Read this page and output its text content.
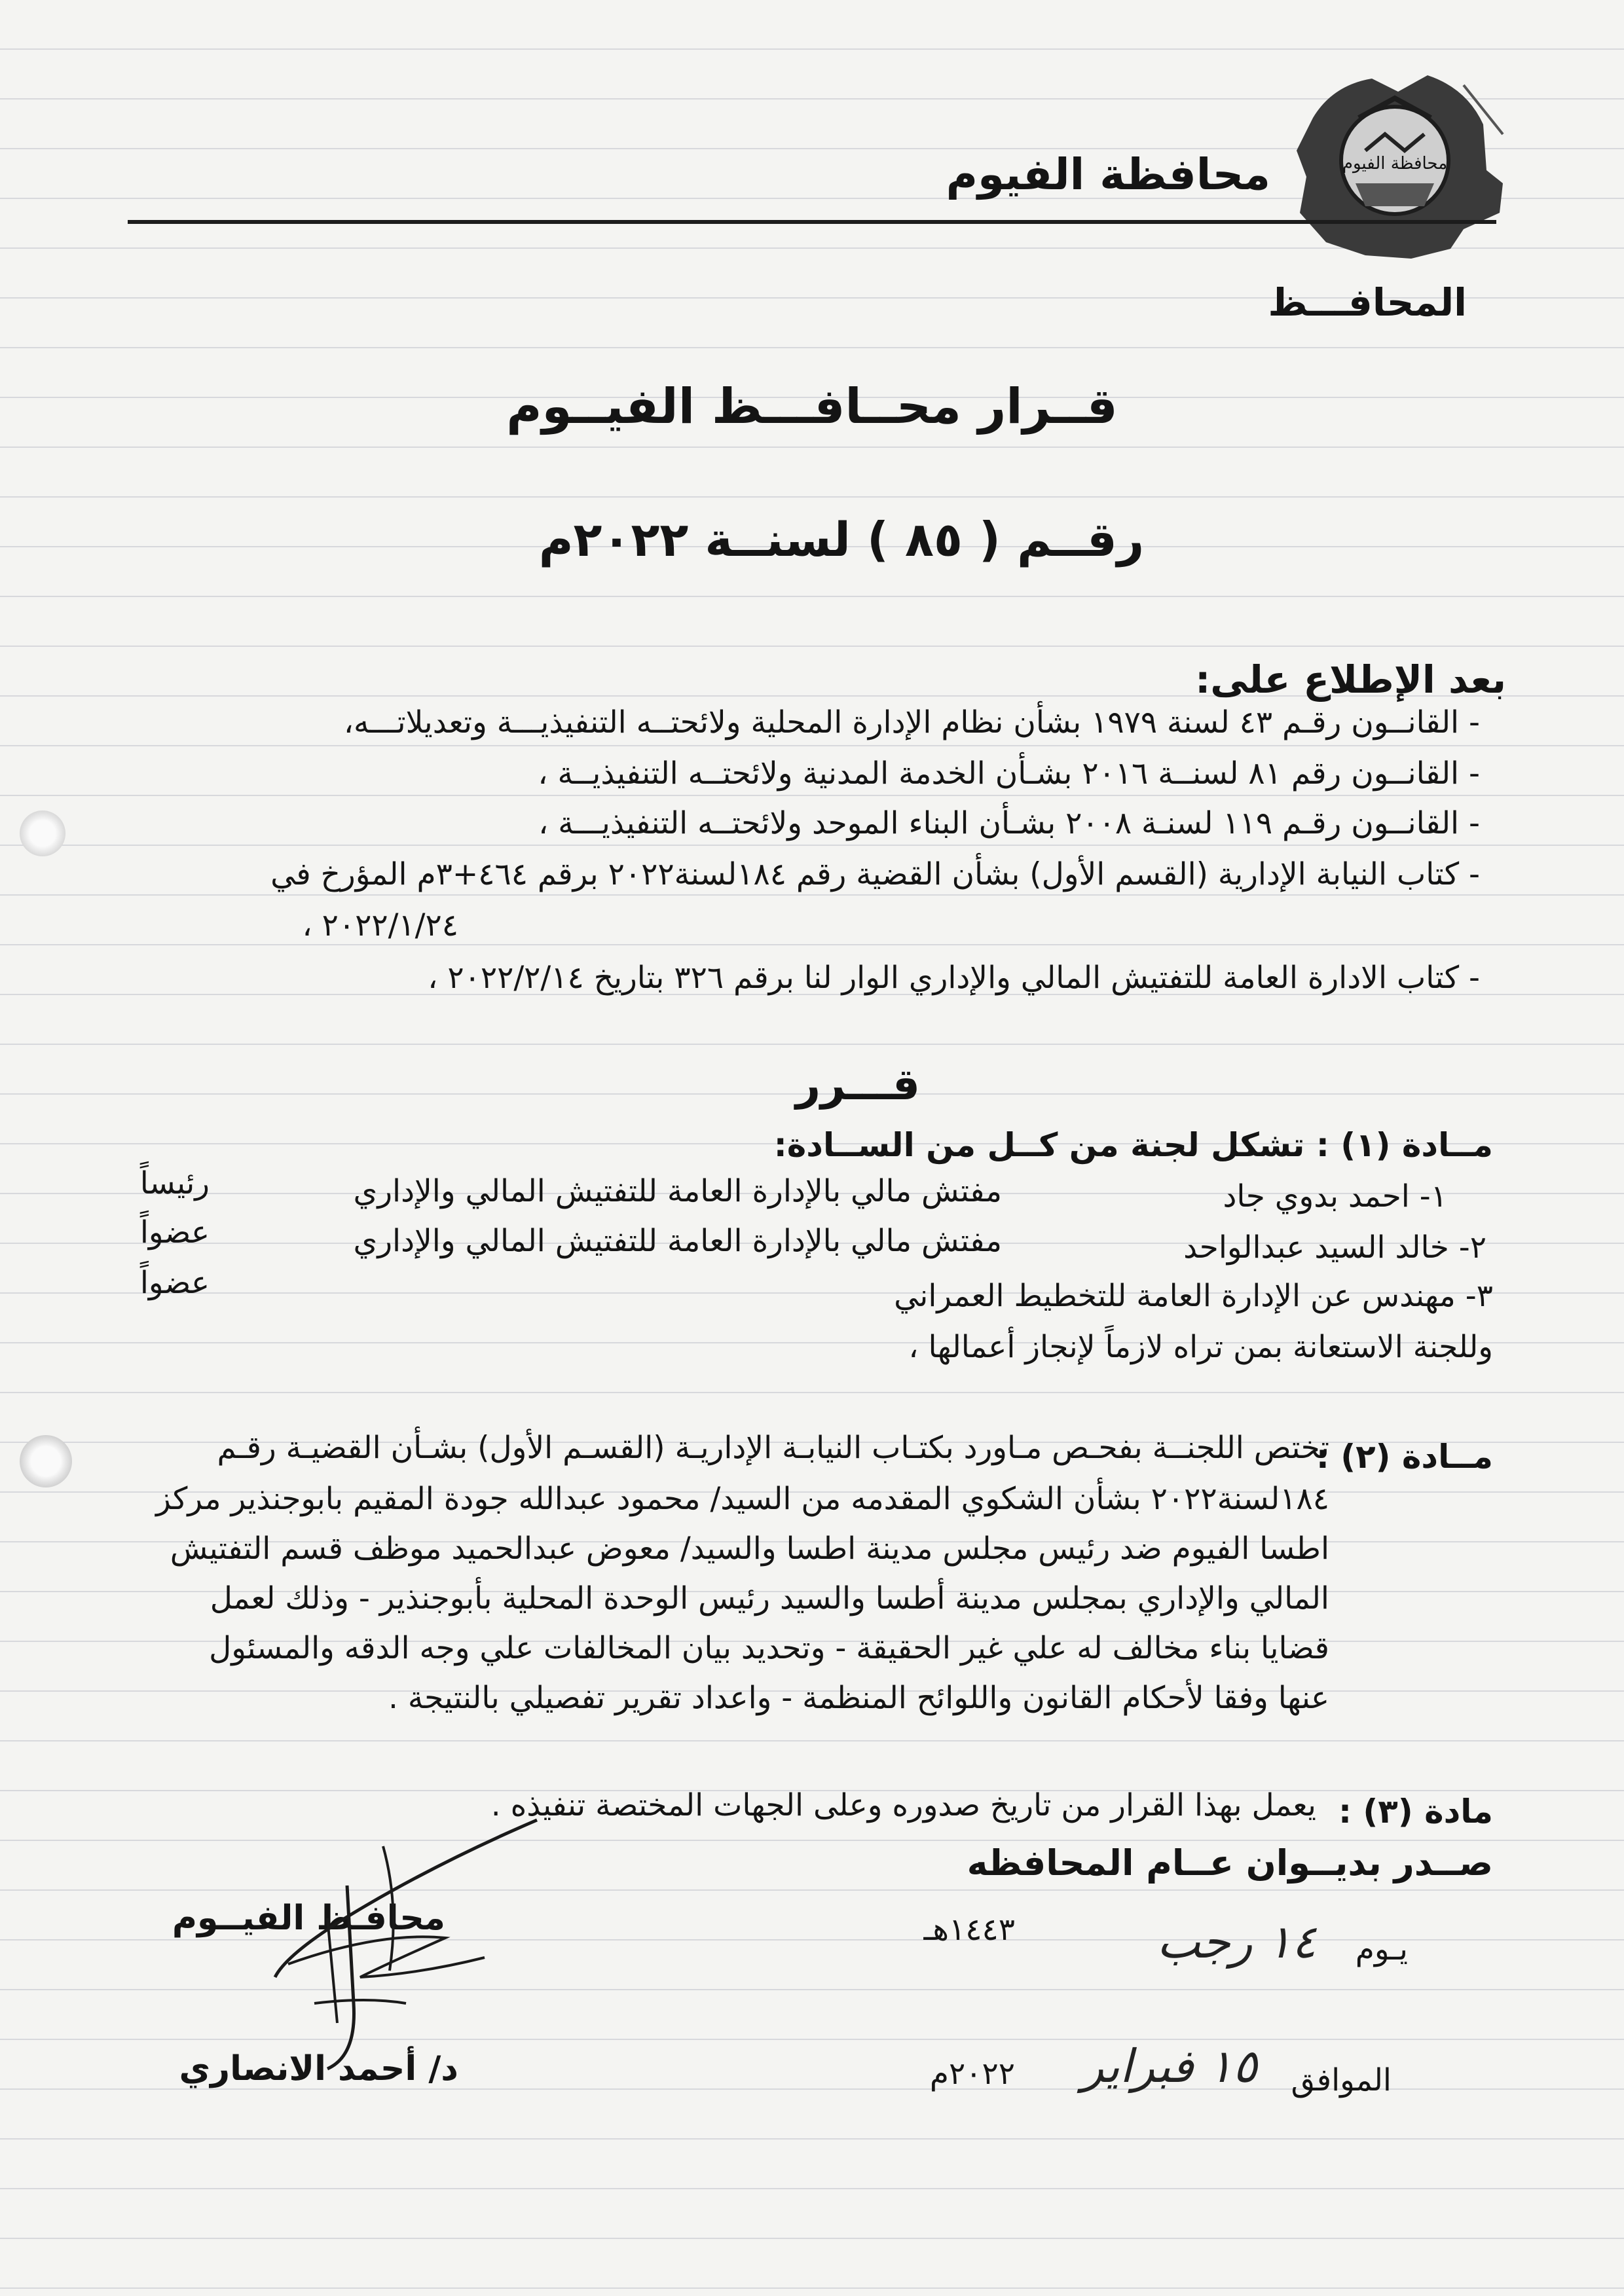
محافظة الفيوم
محافظة الفيوم
المحافـــظ
قــرار محــافـــظ الفيــوم
رقــم ( ٨٥ ) لسنــة ٢٠٢٢م
بعد الإطلاع على:
- القانــون رقـم ٤٣ لسنة ١٩٧٩ بشأن نظام الإدارة المحلية ولائحتــه التنفيذيـــة وتعديلاتـــه،
- القانــون رقم ٨١ لسنــة ٢٠١٦ بشـأن الخدمة المدنية ولائحتــه التنفيذيــة ،
- القانــون رقـم ١١٩ لسنـة ٢٠٠٨ بشـأن البناء الموحد ولائحتــه التنفيذيـــة ،
- كتاب النيابة الإدارية (القسم الأول) بشأن القضية رقم ١٨٤لسنة٢٠٢٢ برقم ٤٦٤+٣م المؤرخ في
٢٠٢٢/١/٢٤ ،
- كتاب الادارة العامة للتفتيش المالي والإداري الوار لنا برقم ٣٢٦ بتاريخ ٢٠٢٢/٢/١٤ ،
قـــرر
مــادة (١) : تشكل لجنة من كــل من الســادة:
١- احمد بدوي جاد
مفتش مالي بالإدارة العامة للتفتيش المالي والإداري
رئيساً
٢- خالد السيد عبدالواحد
مفتش مالي بالإدارة العامة للتفتيش المالي والإداري
عضواً
٣- مهندس عن الإدارة العامة للتخطيط العمراني
عضواً
وللجنة الاستعانة بمن تراه لازماً لإنجاز أعمالها ،
مــادة (٢) :
تختص اللجنــة بفحـص مـاورد بكتـاب النيابـة الإداريـة (القسـم الأول) بشـأن القضيـة رقـم
١٨٤لسنة٢٠٢٢ بشأن الشكوي المقدمه من السيد/ محمود عبدالله جودة المقيم بابوجنذير مركز
اطسا الفيوم ضد رئيس مجلس مدينة اطسا والسيد/ معوض عبدالحميد موظف قسم التفتيش
المالي والإداري بمجلس مدينة أطسا والسيد رئيس الوحدة المحلية بأبوجنذير - وذلك لعمل
قضايا بناء مخالف له علي غير الحقيقة - وتحديد بيان المخالفات علي وجه الدقه والمسئول
عنها وفقا لأحكام القانون واللوائح المنظمة - واعداد تقرير تفصيلي بالنتيجة .
مادة (٣) :
يعمل بهذا القرار من تاريخ صدوره وعلى الجهات المختصة تنفيذه .
صــدر بديــوان عــام المحافظه
يـوم
١٤ رجب
١٤٤٣هـ
الموافق
١٥ فبراير
٢٠٢٢م
محافـظ الفيــوم
د/ أحمد الانصاري
